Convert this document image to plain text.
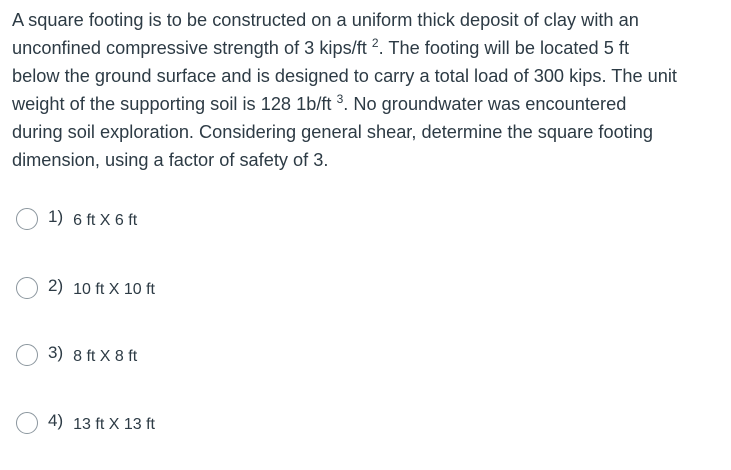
A square footing is to be constructed on a uniform thick deposit of clay with an
unconfined compressive strength of 3 kips/ft $^2$. The footing will be located 5 ft
below the ground surface and is designed to carry a total load of 300 kips. The unit
weight of the supporting soil is 128 1b/ft $^3$. No groundwater was encountered
during soil exploration. Considering general shear, determine the square footing
dimension, using a factor of safety of 3.
1) 6 ft X 6 ft
2) 10 ft X 10 ft
3) 8 ft X 8 ft
4) 13 ft X 13 ft
